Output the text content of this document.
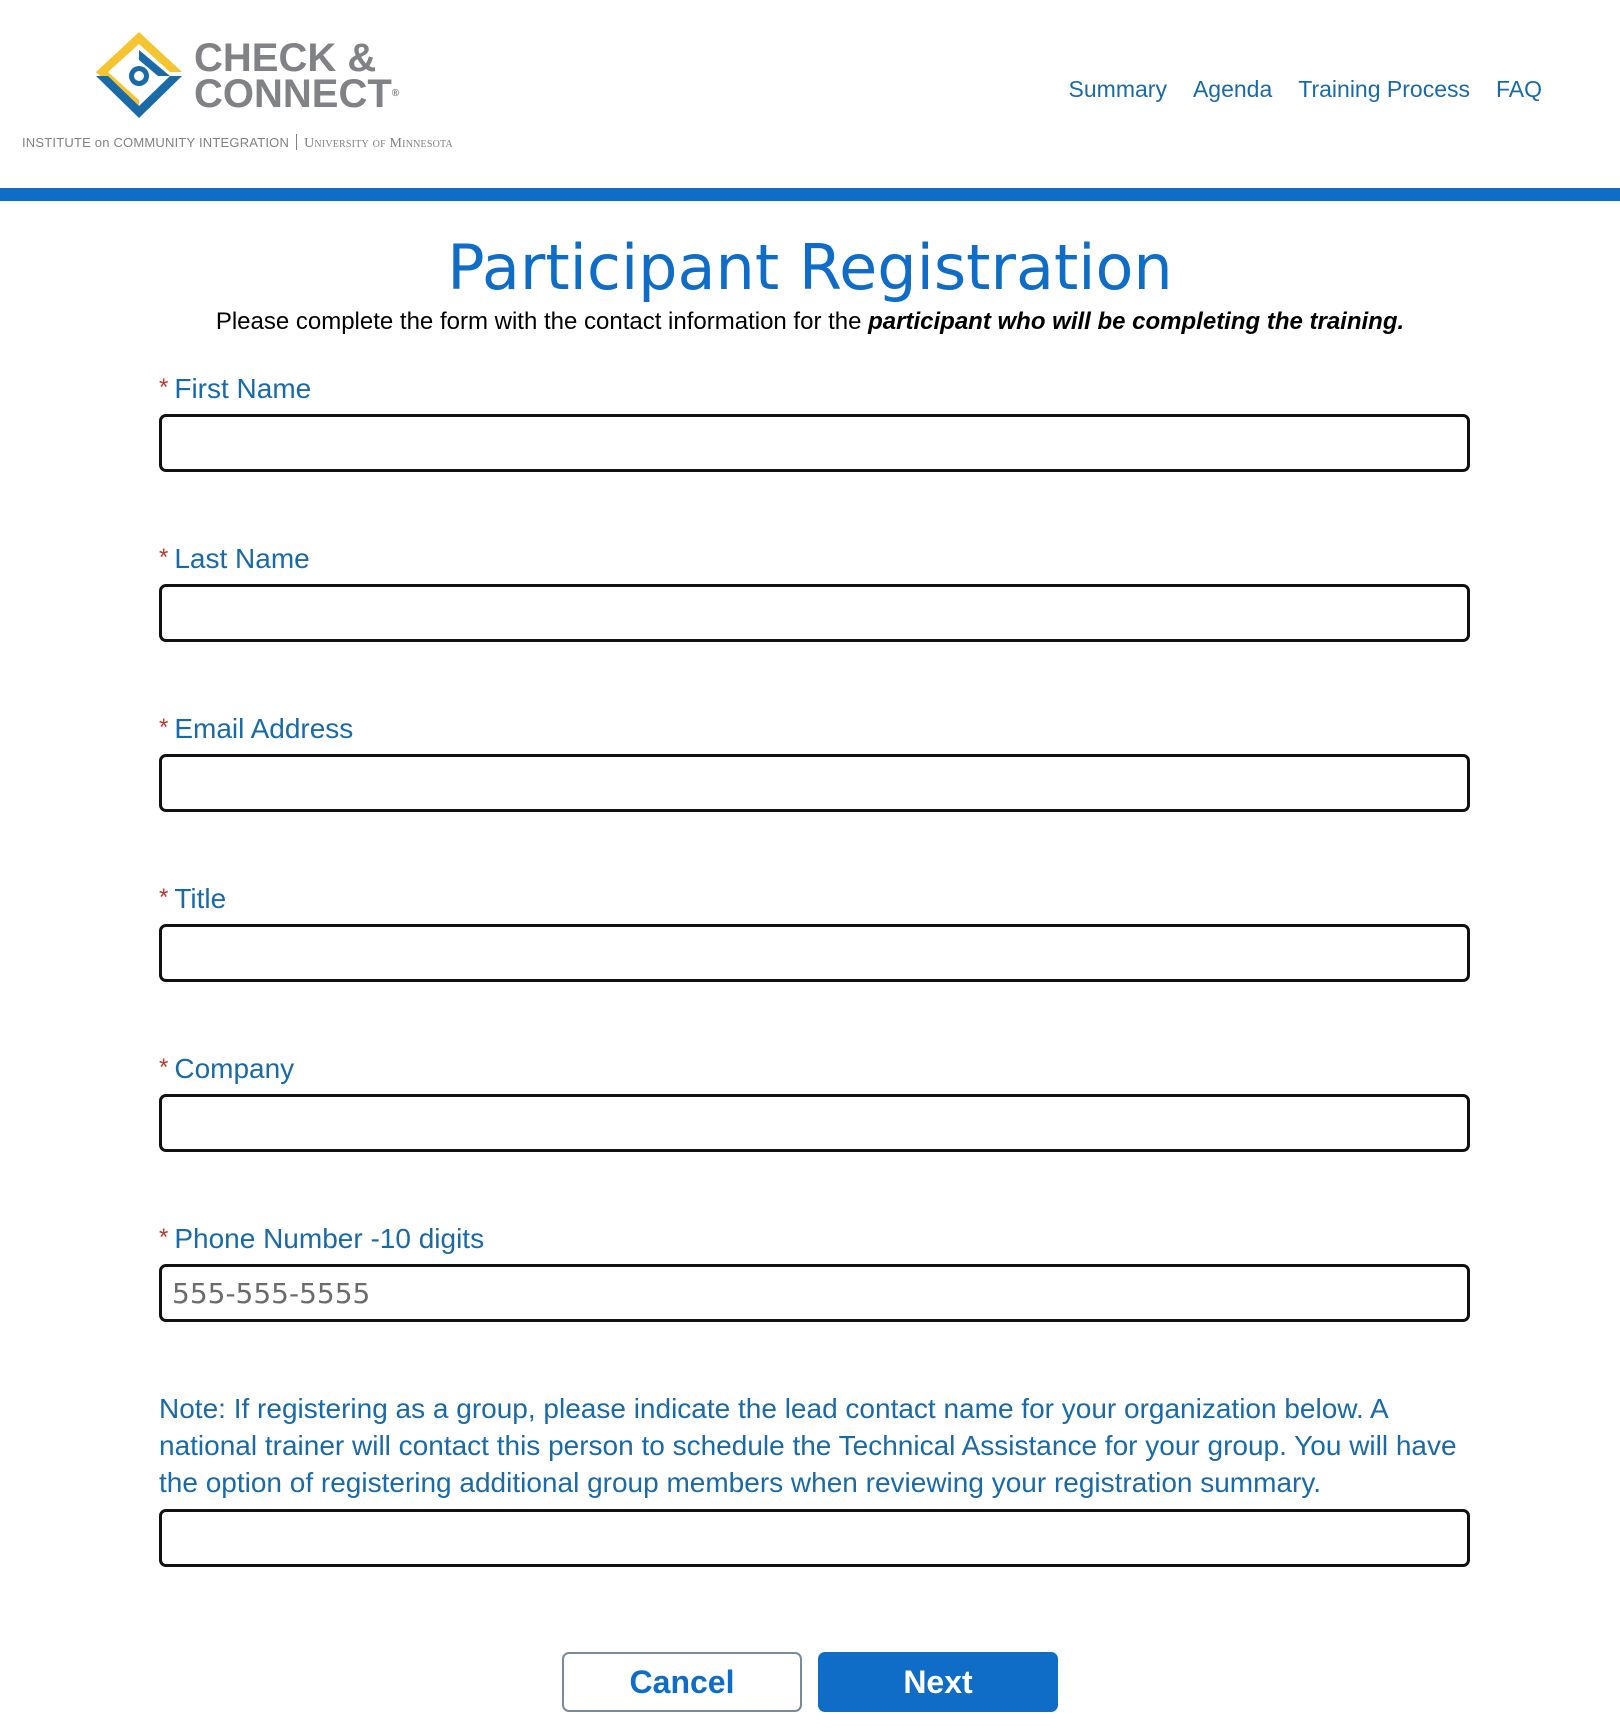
CHECK &
CONNECT®
INSTITUTE on COMMUNITY INTEGRATION University of Minnesota
Summary Agenda Training Process FAQ
Participant Registration
Please complete the form with the contact information for the participant who will be completing the training.
* First Name
* Last Name
* Email Address
* Title
* Company
* Phone Number -10 digits
555-555-5555
Note: If registering as a group, please indicate the lead contact name for your organization below. A national trainer will contact this person to schedule the Technical Assistance for your group. You will have the option of registering additional group members when reviewing your registration summary.
Cancel	Next
